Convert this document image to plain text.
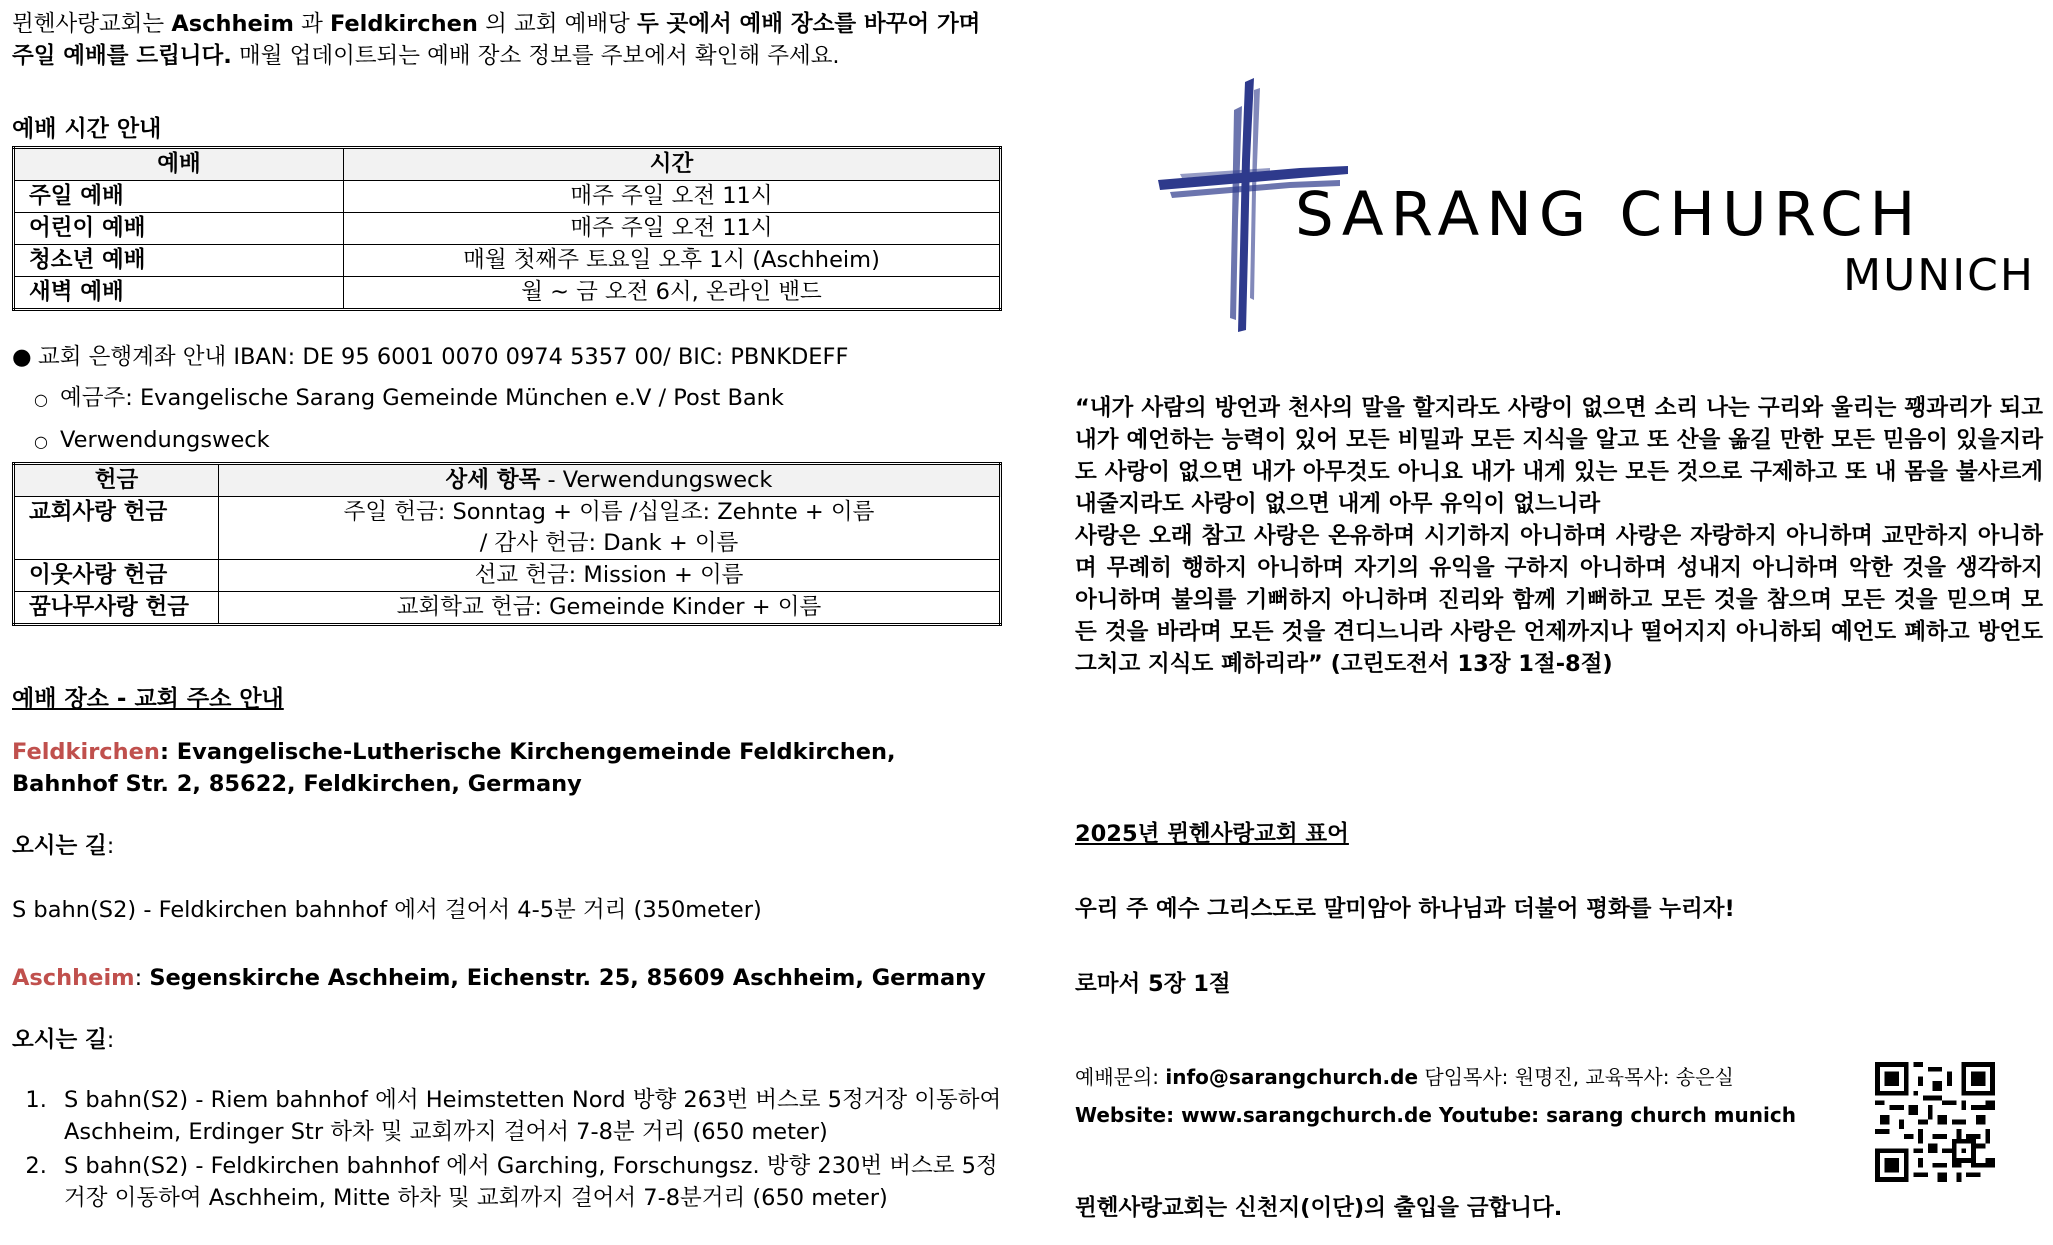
뮌헨사랑교회는 Aschheim 과 Feldkirchen 의 교회 예배당 두 곳에서 예배 장소를 바꾸어 가며 주일 예배를 드립니다. 매월 업데이트되는 예배 장소 정보를 주보에서 확인해 주세요.

예배 시간 안내

예배	시간
주일 예배	매주 주일 오전 11시
어린이 예배	매주 주일 오전 11시
청소년 예배	매월 첫째주 토요일 오후 1시 (Aschheim)
새벽 예배	월 ~ 금 오전 6시, 온라인 밴드
● 교회 은행계좌 안내 IBAN: DE 95 6001 0070 0974 5357 00/ BIC: PBNKDEFF
○ 예금주: Evangelische Sarang Gemeinde München e.V / Post Bank
○ Verwendungsweck
헌금	상세 항목 - Verwendungsweck
교회사랑 헌금	주일 헌금: Sonntag + 이름 /십일조: Zehnte + 이름
/ 감사 헌금: Dank + 이름

이웃사랑 헌금	선교 헌금: Mission + 이름
꿈나무사랑 헌금	교회학교 헌금: Gemeinde Kinder + 이름

예배 장소 - 교회 주소 안내

Feldkirchen: Evangelische-Lutherische Kirchengemeinde Feldkirchen, Bahnhof Str. 2, 85622, Feldkirchen, Germany

오시는 길:

S bahn(S2) - Feldkirchen bahnhof 에서 걸어서 4-5분 거리 (350meter)

Aschheim: Segenskirche Aschheim, Eichenstr. 25, 85609 Aschheim, Germany

오시는 길:

1. S bahn(S2) - Riem bahnhof 에서 Heimstetten Nord 방향 263번 버스로 5정거장 이동하여 Aschheim, Erdinger Str 하차 및 교회까지 걸어서 7-8분 거리 (650 meter)
2. S bahn(S2) - Feldkirchen bahnhof 에서 Garching, Forschungsz. 방향 230번 버스로 5정거장 이동하여 Aschheim, Mitte 하차 및 교회까지 걸어서 7-8분거리 (650 meter)
SARANG CHURCH
MUNICH

“내가 사람의 방언과 천사의 말을 할지라도 사랑이 없으면 소리 나는 구리와 울리는 꽹과리가 되고 내가 예언하는 능력이 있어 모든 비밀과 모든 지식을 알고 또 산을 옮길 만한 모든 믿음이 있을지라도 사랑이 없으면 내가 아무것도 아니요 내가 내게 있는 모든 것으로 구제하고 또 내 몸을 불사르게 내줄지라도 사랑이 없으면 내게 아무 유익이 없느니라

사랑은 오래 참고 사랑은 온유하며 시기하지 아니하며 사랑은 자랑하지 아니하며 교만하지 아니하며 무례히 행하지 아니하며 자기의 유익을 구하지 아니하며 성내지 아니하며 악한 것을 생각하지 아니하며 불의를 기뻐하지 아니하며 진리와 함께 기뻐하고 모든 것을 참으며 모든 것을 믿으며 모든 것을 바라며 모든 것을 견디느니라 사랑은 언제까지나 떨어지지 아니하되 예언도 폐하고 방언도 그치고 지식도 폐하리라” (고린도전서 13장 1절-8절)

2025년 뮌헨사랑교회 표어

우리 주 예수 그리스도로 말미암아 하나님과 더불어 평화를 누리자!

로마서 5장 1절

예배문의: info@sarangchurch.de 담임목사: 원명진, 교육목사: 송은실

Website: www.sarangchurch.de Youtube: sarang church munich

뮌헨사랑교회는 신천지(이단)의 출입을 금합니다.
